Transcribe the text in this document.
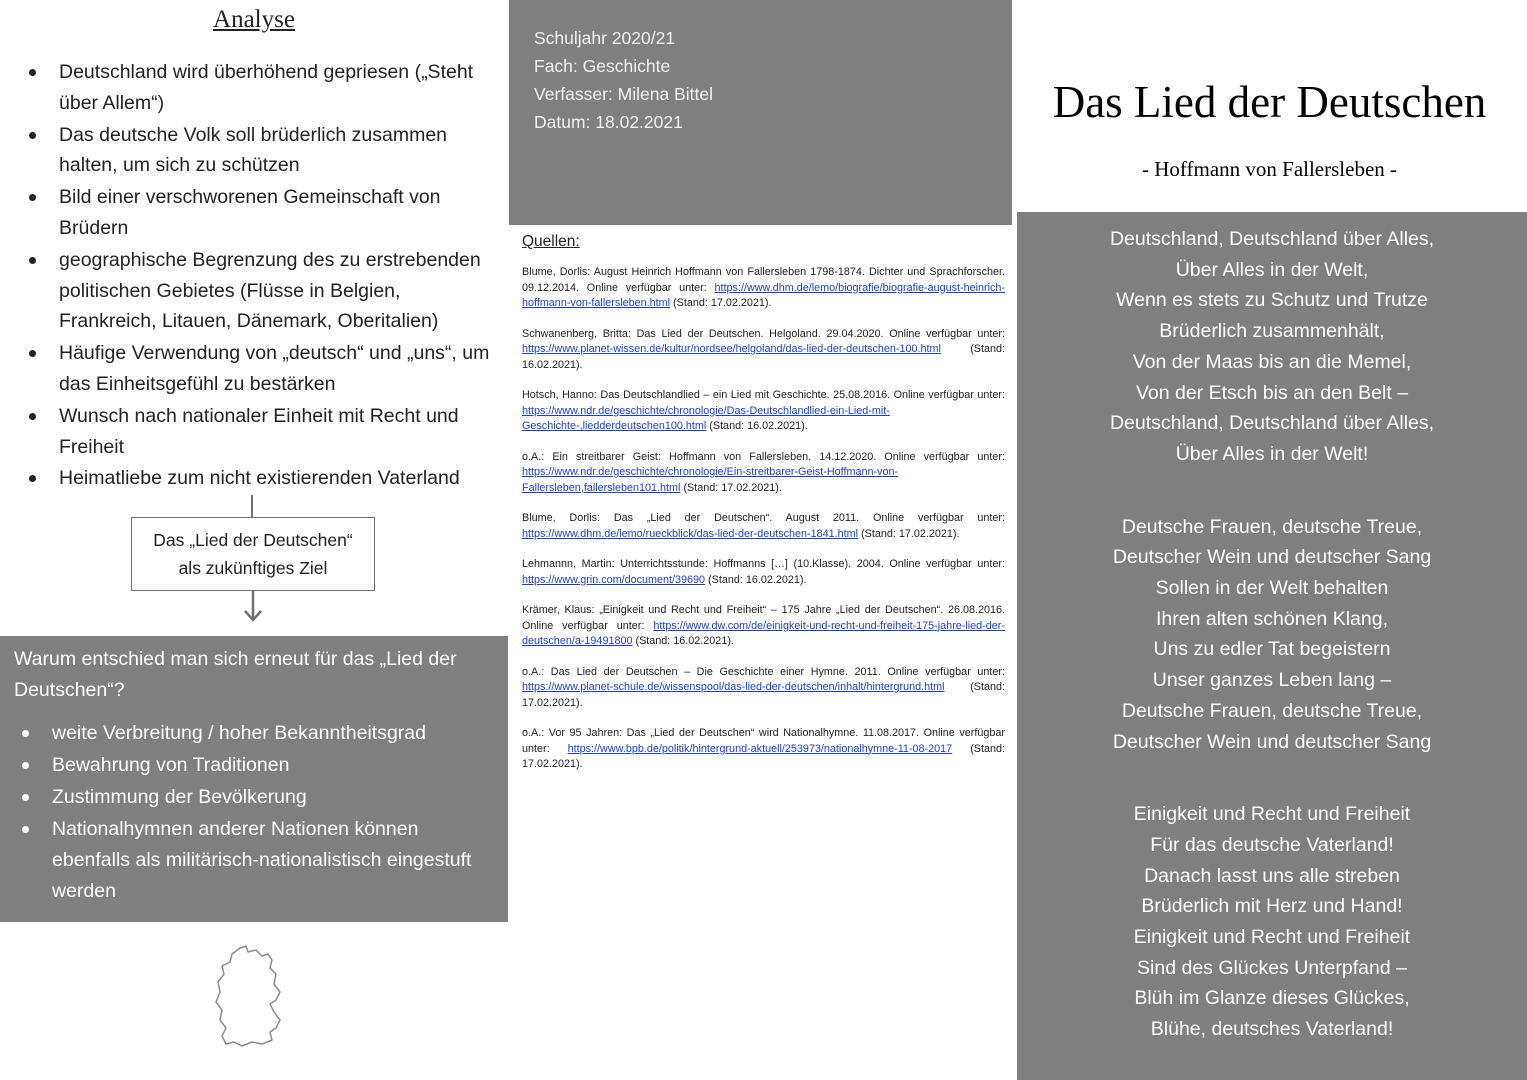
Analyse
Deutschland wird überhöhend gepriesen („Steht über Allem“)
Das deutsche Volk soll brüderlich zusammen halten, um sich zu schützen
Bild einer verschworenen Gemeinschaft von Brüdern
geographische Begrenzung des zu erstrebenden politischen Gebietes (Flüsse in Belgien, Frankreich, Litauen, Dänemark, Oberitalien)
Häufige Verwendung von „deutsch“ und „uns“, um das Einheitsgefühl zu bestärken
Wunsch nach nationaler Einheit mit Recht und Freiheit
Heimatliebe zum nicht existierenden Vaterland
Das „Lied der Deutschen“
als zukünftiges Ziel
Warum entschied man sich erneut für das „Lied der Deutschen“?
weite Verbreitung / hoher Bekanntheitsgrad
Bewahrung von Traditionen
Zustimmung der Bevölkerung
Nationalhymnen anderer Nationen können ebenfalls als militärisch-nationalistisch eingestuft werden
Schuljahr 2020/21
Fach: Geschichte
Verfasser: Milena Bittel
Datum: 18.02.2021
Quellen:
Blume, Dorlis: August Heinrich Hoffmann von Fallersleben 1798-1874. Dichter und Sprachforscher. 09.12.2014. Online verfügbar unter: https://www.dhm.de/lemo/biografie/biografie-august-heinrich-hoffmann-von-fallersleben.html (Stand: 17.02.2021).
Schwanenberg, Britta: Das Lied der Deutschen. Helgoland. 29.04.2020. Online verfügbar unter: https://www.planet-wissen.de/kultur/nordsee/helgoland/das-lied-der-deutschen-100.html	(Stand: 16.02.2021).
Hotsch, Hanno: Das Deutschlandlied – ein Lied mit Geschichte. 25.08.2016. Online verfügbar unter: https://www.ndr.de/geschichte/chronologie/Das-Deutschlandlied-ein-Lied-mit-Geschichte-,liedderdeutschen100.html (Stand: 16.02.2021).
o.A.: Ein streitbarer Geist: Hoffmann von Fallersleben. 14.12.2020. Online verfügbar unter: https://www.ndr.de/geschichte/chronologie/Ein-streitbarer-Geist-Hoffmann-von-Fallersleben,fallersleben101.html (Stand: 17.02.2021).
Blume, Dorlis: Das „Lied der Deutschen“. August 2011. Online verfügbar unter: https://www.dhm.de/lemo/rueckblick/das-lied-der-deutschen-1841.html (Stand: 17.02.2021).
Lehmannn, Martin: Unterrichtsstunde: Hoffmanns […] (10.Klasse). 2004. Online verfügbar unter: https://www.grin.com/document/39690 (Stand: 16.02.2021).
Krämer, Klaus: „Einigkeit und Recht und Freiheit“ – 175 Jahre „Lied der Deutschen“. 26.08.2016. Online verfügbar unter: https://www.dw.com/de/einigkeit-und-recht-und-freiheit-175-jahre-lied-der-deutschen/a-19491800 (Stand: 16.02.2021).
o.A.: Das Lied der Deutschen – Die Geschichte einer Hymne. 2011. Online verfügbar unter: https://www.planet-schule.de/wissenspool/das-lied-der-deutschen/inhalt/hintergrund.html (Stand: 17.02.2021).
o.A.: Vor 95 Jahren: Das „Lied der Deutschen“ wird Nationalhymne. 11.08.2017. Online verfügbar unter: https://www.bpb.de/politik/hintergrund-aktuell/253973/nationalhymne-11-08-2017 (Stand: 17.02.2021).
Das Lied der Deutschen
- Hoffmann von Fallersleben -
Deutschland, Deutschland über Alles,
Über Alles in der Welt,
Wenn es stets zu Schutz und Trutze
Brüderlich zusammenhält,
Von der Maas bis an die Memel,
Von der Etsch bis an den Belt –
Deutschland, Deutschland über Alles,
Über Alles in der Welt!
Deutsche Frauen, deutsche Treue,
Deutscher Wein und deutscher Sang
Sollen in der Welt behalten
Ihren alten schönen Klang,
Uns zu edler Tat begeistern
Unser ganzes Leben lang –
Deutsche Frauen, deutsche Treue,
Deutscher Wein und deutscher Sang
Einigkeit und Recht und Freiheit
Für das deutsche Vaterland!
Danach lasst uns alle streben
Brüderlich mit Herz und Hand!
Einigkeit und Recht und Freiheit
Sind des Glückes Unterpfand –
Blüh im Glanze dieses Glückes,
Blühe, deutsches Vaterland!
